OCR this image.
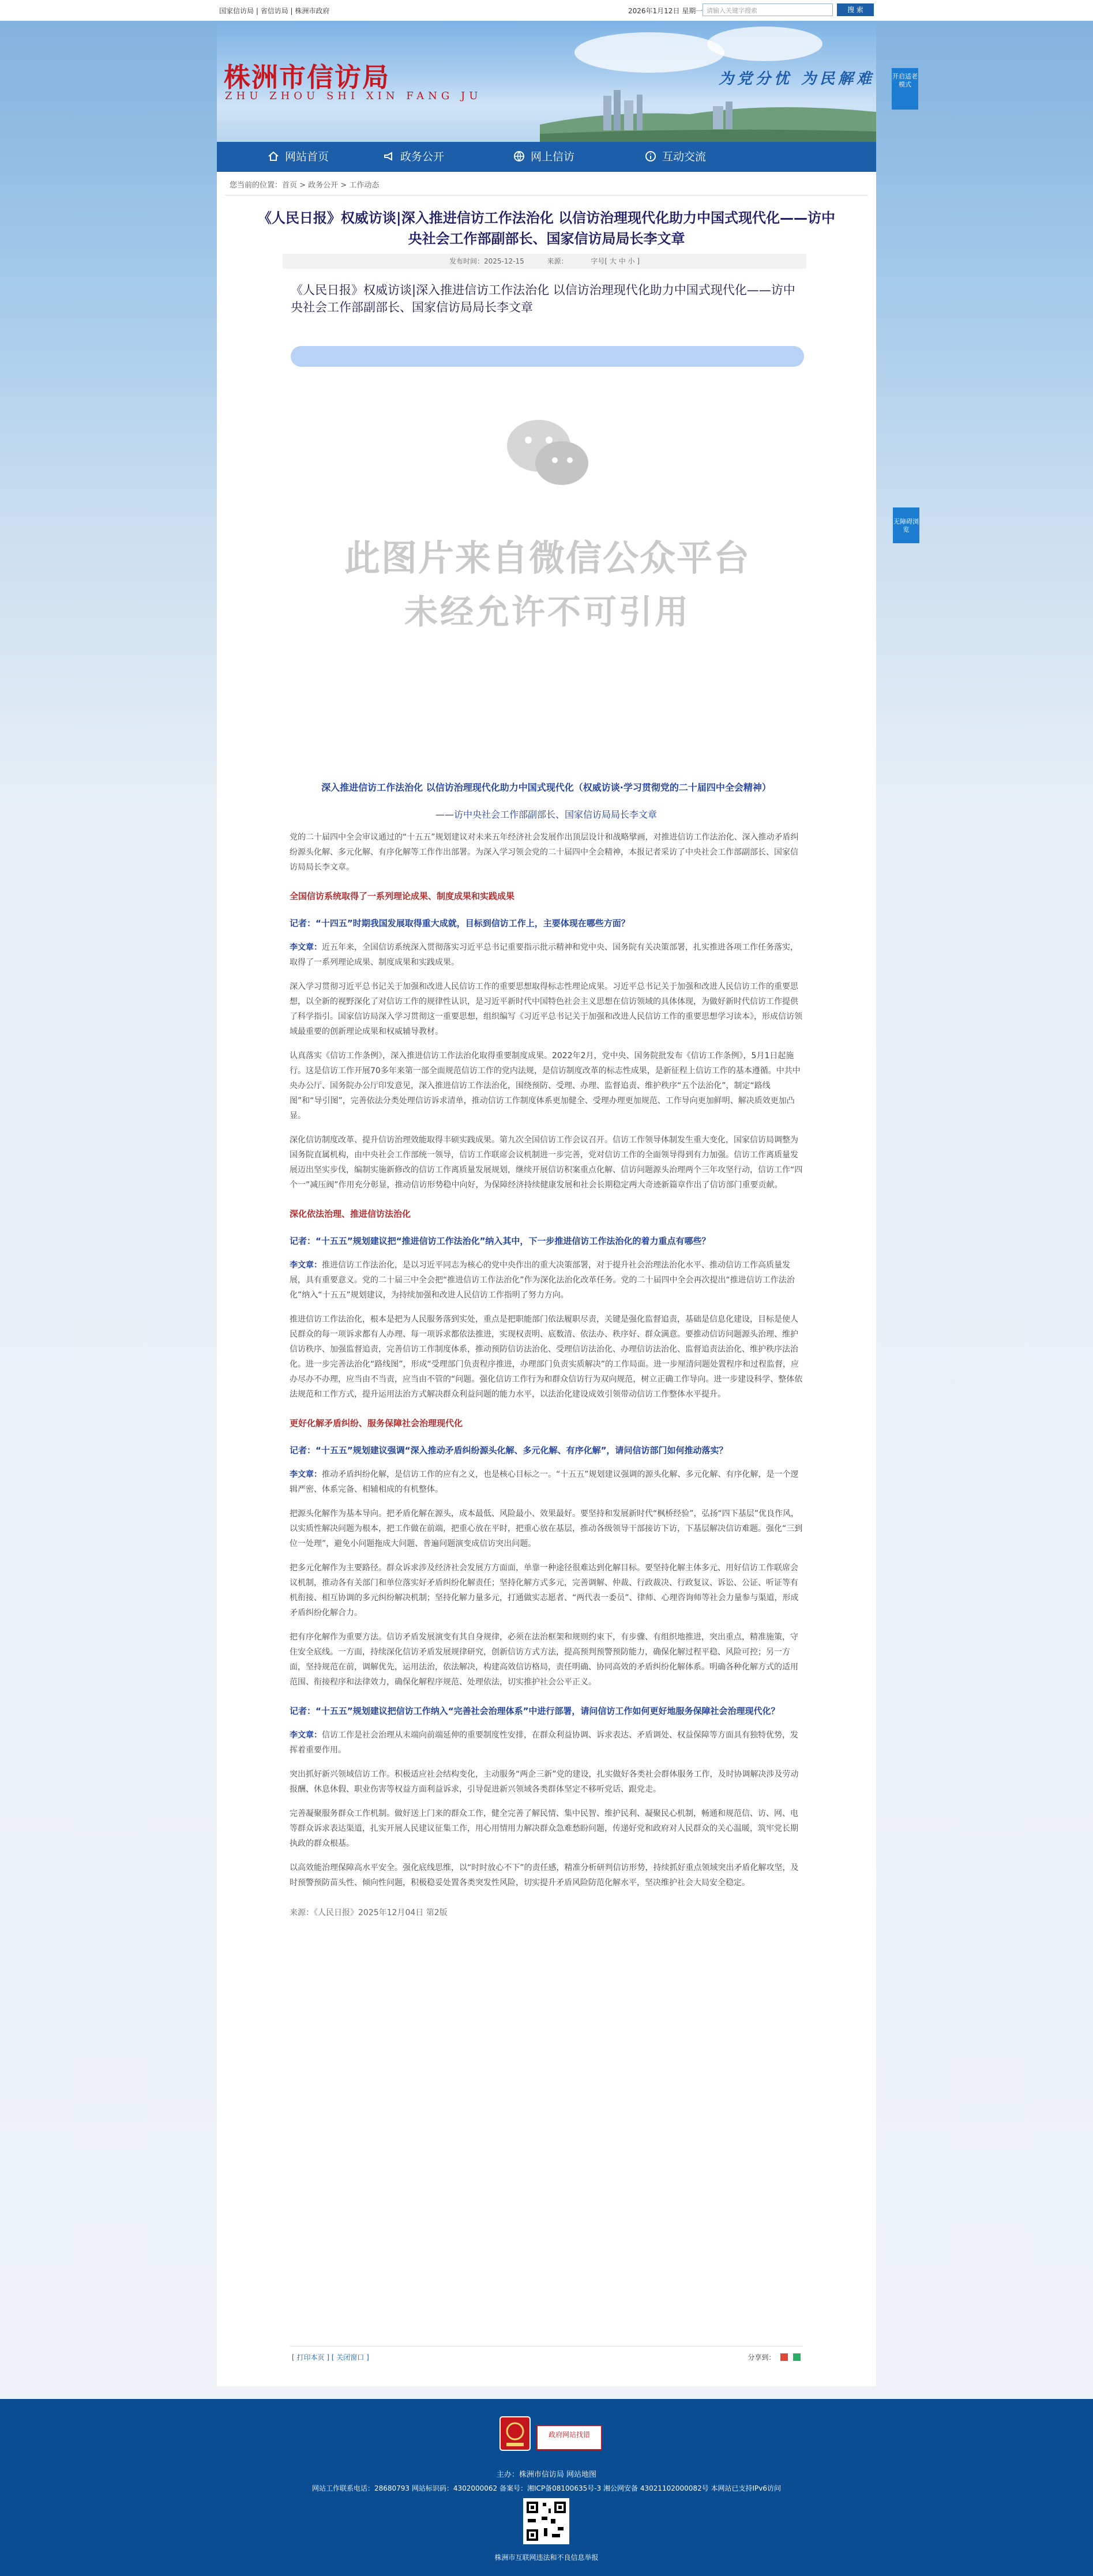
国家信访局 | 省信访局 | 株洲市政府	2026年1月12日 星期一 请输入关键字搜索	搜 索
株洲市信访局
ZHU ZHOU SHI XIN FANG JU
为党分忧 为民解难
网站首页	政务公开	网上信访	互动交流
开启适老模式
无障碍浏览
您当前的位置：首页 > 政务公开 > 工作动态
《人民日报》权威访谈|深入推进信访工作法治化 以信访治理现代化助力中国式现代化——访中央社会工作部副部长、国家信访局局长李文章
发布时间：2025-12-15	来源：	字号[ 大 中 小 ]
《人民日报》权威访谈|深入推进信访工作法治化 以信访治理现代化助力中国式现代化——访中央社会工作部副部长、国家信访局局长李文章
此图片来自微信公众平台
未经允许不可引用
深入推进信访工作法治化 以信访治理现代化助力中国式现代化（权威访谈·学习贯彻党的二十届四中全会精神）
——访中央社会工作部副部长、国家信访局局长李文章

党的二十届四中全会审议通过的“十五五”规划建议对未来五年经济社会发展作出顶层设计和战略擘画，对推进信访工作法治化、深入推动矛盾纠纷源头化解、多元化解、有序化解等工作作出部署。为深入学习领会党的二十届四中全会精神，本报记者采访了中央社会工作部副部长、国家信访局局长李文章。

全国信访系统取得了一系列理论成果、制度成果和实践成果

记者：“十四五”时期我国发展取得重大成就，目标到信访工作上，主要体现在哪些方面？

李文章：近五年来，全国信访系统深入贯彻落实习近平总书记重要指示批示精神和党中央、国务院有关决策部署，扎实推进各项工作任务落实，取得了一系列理论成果、制度成果和实践成果。

深入学习贯彻习近平总书记关于加强和改进人民信访工作的重要思想取得标志性理论成果。习近平总书记关于加强和改进人民信访工作的重要思想，以全新的视野深化了对信访工作的规律性认识，是习近平新时代中国特色社会主义思想在信访领域的具体体现，为做好新时代信访工作提供了科学指引。国家信访局深入学习贯彻这一重要思想，组织编写《习近平总书记关于加强和改进人民信访工作的重要思想学习读本》，形成信访领域最重要的创新理论成果和权威辅导教材。

认真落实《信访工作条例》，深入推进信访工作法治化取得重要制度成果。2022年2月，党中央、国务院批发布《信访工作条例》，5月1日起施行。这是信访工作开展70多年来第一部全面规范信访工作的党内法规，是信访制度改革的标志性成果，是新征程上信访工作的基本遵循。中共中央办公厅、国务院办公厅印发意见，深入推进信访工作法治化，围绕预防、受理、办理、监督追责、维护秩序“五个法治化”，制定“路线图”和“导引图”，完善依法分类处理信访诉求清单，推动信访工作制度体系更加健全、受理办理更加规范、工作导向更加鲜明、解决质效更加凸显。

深化信访制度改革、提升信访治理效能取得丰硕实践成果。第九次全国信访工作会议召开。信访工作领导体制发生重大变化，国家信访局调整为国务院直属机构，由中央社会工作部统一领导，信访工作联席会议机制进一步完善，党对信访工作的全面领导得到有力加强。信访工作离质量发展迈出坚实步伐，编制实施新修改的信访工作离质量发展规划，继续开展信访积案重点化解、信访问题源头治理两个三年攻坚行动，信访工作“四个一”减压阀”作用充分彰显，推动信访形势稳中向好，为保障经济持续健康发展和社会长期稳定两大奇迹新篇章作出了信访部门重要贡献。

深化依法治理、推进信访法治化

记者：“十五五”规划建议把“推进信访工作法治化”纳入其中，下一步推进信访工作法治化的着力重点有哪些？

李文章：推进信访工作法治化，是以习近平同志为核心的党中央作出的重大决策部署，对于提升社会治理法治化水平、推动信访工作高质量发展，具有重要意义。党的二十届三中全会把“推进信访工作法治化”作为深化法治化改革任务。党的二十届四中全会再次提出“推进信访工作法治化”纳入“十五五”规划建议，为持续加强和改进人民信访工作指明了努力方向。

推进信访工作法治化，根本是把为人民服务落到实处，重点是把职能部门依法履职尽责，关键是强化监督追责，基础是信息化建设，目标是使人民群众的每一项诉求都有人办理、每一项诉求都依法推进，实现权责明、底数清、依法办、秩序好、群众满意。要推动信访问题源头治理、维护信访秩序、加强监督追责，完善信访工作制度体系，推动预防信访法治化、受理信访法治化、办理信访法治化、监督追责法治化、维护秩序法治化。进一步完善法治化“路线图”，形成“受理部门负责程序推进，办理部门负责实质解决”的工作局面。进一步厘清问题处置程序和过程监督，应办尽办不办理，应当由不当责，应当由不管的“问题。强化信访工作行为和群众信访行为双向规范，树立正确工作导向。进一步建设科学、整体依法规范和工作方式，提升运用法治方式解决群众利益问题的能力水平，以法治化建设成效引领带动信访工作整体水平提升。

更好化解矛盾纠纷、服务保障社会治理现代化

记者：“十五五”规划建议强调“深入推动矛盾纠纷源头化解、多元化解、有序化解”，请问信访部门如何推动落实？

李文章：推动矛盾纠纷化解，是信访工作的应有之义，也是核心目标之一。“十五五”规划建议强调的源头化解、多元化解、有序化解，是一个逻辑严密、体系完备、相辅相成的有机整体。

把源头化解作为基本导向。把矛盾化解在源头，成本最低、风险最小、效果最好。要坚持和发展新时代“枫桥经验”，弘扬“四下基层”优良作风，以实质性解决问题为根本，把工作做在前端，把重心放在平时，把重心放在基层，推动各级领导干部接访下访，下基层解决信访难题。强化“三到位一处理”，避免小问题拖成大问题、普遍问题演变成信访突出问题。

把多元化解作为主要路径。群众诉求涉及经济社会发展方方面面，单靠一种途径很难达到化解目标。要坚持化解主体多元、用好信访工作联席会议机制，推动各有关部门和单位落实好矛盾纠纷化解责任；坚持化解方式多元，完善调解、仲裁、行政裁决、行政复议、诉讼、公证、听证等有机衔接、相互协调的多元纠纷解决机制；坚持化解力量多元，打通做实志愿者、“两代表一委员”、律师、心理咨询师等社会力量参与渠道，形成矛盾纠纷化解合力。

把有序化解作为重要方法。信访矛盾发展演变有其自身规律，必须在法治框架和规则约束下，有步骤、有组织地推进，突出重点，精准施策，守住安全底线。一方面，持续深化信访矛盾发展规律研究，创新信访方式方法，提高预判预警预防能力，确保化解过程平稳、风险可控；另一方面，坚持规范在前，调解优先，运用法治，依法解决，构建高效信访格局，责任明确、协同高效的矛盾纠纷化解体系。明确各种化解方式的适用范围、衔接程序和法律效力，确保化解程序规范、处理依法，切实推护社会公平正义。

记者：“十五五”规划建议把信访工作纳入“完善社会治理体系”中进行部署，请问信访工作如何更好地服务保障社会治理现代化？

李文章：信访工作是社会治理从末端向前端延伸的重要制度性安排，在群众利益协调、诉求表达、矛盾调处、权益保障等方面具有独特优势，发挥着重要作用。

突出抓好新兴领域信访工作。积极适应社会结构变化，主动服务“两企三新”党的建设，扎实做好各类社会群体服务工作，及时协调解决涉及劳动报酬、休息休假、职业伤害等权益方面利益诉求，引导促进新兴领域各类群体坚定不移听党话、跟党走。

完善凝聚服务群众工作机制。做好送上门来的群众工作，健全完善了解民情、集中民智、维护民利、凝聚民心机制，畅通和规范信、访、网、电等群众诉求表达渠道，扎实开展人民建议征集工作，用心用情用力解决群众急难愁盼问题，传递好党和政府对人民群众的关心温暖，筑牢党长期执政的群众根基。

以高效能治理保障高水平安全。强化底线思维，以“时时放心不下”的责任感，精准分析研判信访形势，持续抓好重点领域突出矛盾化解攻坚，及时预警预防苗头性、倾向性问题，积极稳妥处置各类突发性风险，切实提升矛盾风险防范化解水平，坚决维护社会大局安全稳定。

来源：《人民日报》2025年12月04日 第2版
[ 打印本页 ] [ 关闭窗口 ]	分享到：
政府网站找错
主办：株洲市信访局 网站地图
网站工作联系电话：28680793 网站标识码：4302000062 备案号：湘ICP备08100635号-3 湘公网安备 43021102000082号 本网站已支持IPv6访问
株洲市互联网违法和不良信息举报
